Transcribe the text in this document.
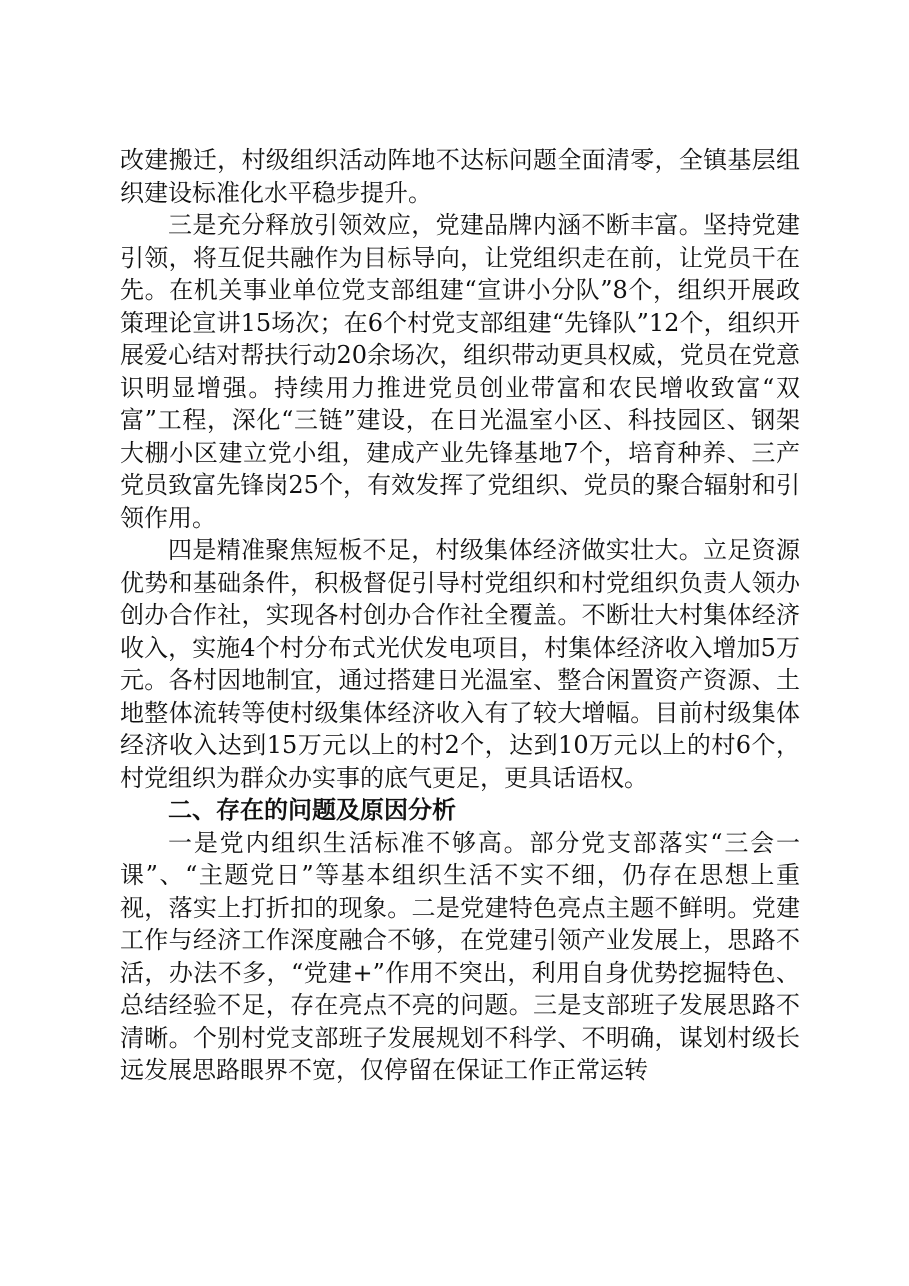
改建搬迁，村级组织活动阵地不达标问题全面清零，全镇基层组织建设标准化水平稳步提升。

三是充分释放引领效应，党建品牌内涵不断丰富。坚持党建引领，将互促共融作为目标导向，让党组织走在前，让党员干在先。在机关事业单位党支部组建“宣讲小分队”8个，组织开展政策理论宣讲15场次；在6个村党支部组建“先锋队”12个，组织开展爱心结对帮扶行动20余场次，组织带动更具权威，党员在党意识明显增强。持续用力推进党员创业带富和农民增收致富“双富”工程，深化“三链”建设，在日光温室小区、科技园区、钢架大棚小区建立党小组，建成产业先锋基地7个，培育种养、三产党员致富先锋岗25个，有效发挥了党组织、党员的聚合辐射和引领作用。

四是精准聚焦短板不足，村级集体经济做实壮大。立足资源优势和基础条件，积极督促引导村党组织和村党组织负责人领办创办合作社，实现各村创办合作社全覆盖。不断壮大村集体经济收入，实施4个村分布式光伏发电项目，村集体经济收入增加5万元。各村因地制宜，通过搭建日光温室、整合闲置资产资源、土地整体流转等使村级集体经济收入有了较大增幅。目前村级集体经济收入达到15万元以上的村2个，达到10万元以上的村6个，村党组织为群众办实事的底气更足，更具话语权。

二、存在的问题及原因分析

一是党内组织生活标准不够高。部分党支部落实“三会一课”、“主题党日”等基本组织生活不实不细，仍存在思想上重视，落实上打折扣的现象。二是党建特色亮点主题不鲜明。党建工作与经济工作深度融合不够，在党建引领产业发展上，思路不活，办法不多，“党建+”作用不突出，利用自身优势挖掘特色、总结经验不足，存在亮点不亮的问题。三是支部班子发展思路不清晰。个别村党支部班子发展规划不科学、不明确，谋划村级长远发展思路眼界不宽，仅停留在保证工作正常运转
